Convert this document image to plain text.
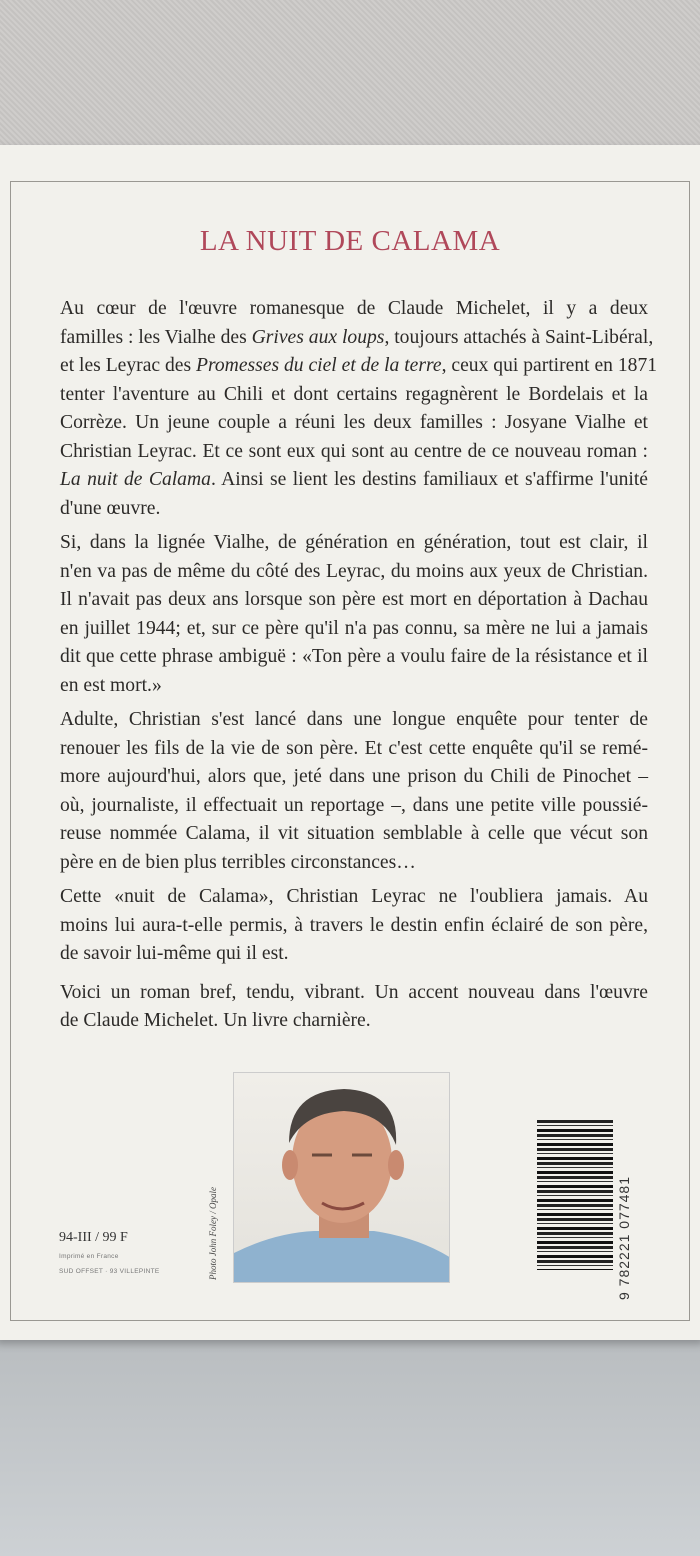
LA NUIT DE CALAMA
Au cœur de l'œuvre romanesque de Claude Michelet, il y a deux
familles : les Vialhe des Grives aux loups, toujours attachés à Saint-Libéral,
et les Leyrac des Promesses du ciel et de la terre, ceux qui partirent en 1871
tenter l'aventure au Chili et dont certains regagnèrent le Bordelais et la
Corrèze. Un jeune couple a réuni les deux familles : Josyane Vialhe et
Christian Leyrac. Et ce sont eux qui sont au centre de ce nouveau roman :
La nuit de Calama. Ainsi se lient les destins familiaux et s'affirme l'unité
d'une œuvre.
Si, dans la lignée Vialhe, de génération en génération, tout est clair, il
n'en va pas de même du côté des Leyrac, du moins aux yeux de Christian.
Il n'avait pas deux ans lorsque son père est mort en déportation à Dachau
en juillet 1944; et, sur ce père qu'il n'a pas connu, sa mère ne lui a jamais
dit que cette phrase ambiguë : «Ton père a voulu faire de la résistance et il
en est mort.»
Adulte, Christian s'est lancé dans une longue enquête pour tenter de
renouer les fils de la vie de son père. Et c'est cette enquête qu'il se remé-
more aujourd'hui, alors que, jeté dans une prison du Chili de Pinochet –
où, journaliste, il effectuait un reportage –, dans une petite ville poussié-
reuse nommée Calama, il vit situation semblable à celle que vécut son
père en de bien plus terribles circonstances…
Cette «nuit de Calama», Christian Leyrac ne l'oubliera jamais. Au
moins lui aura-t-elle permis, à travers le destin enfin éclairé de son père,
de savoir lui-même qui il est.
Voici un roman bref, tendu, vibrant. Un accent nouveau dans l'œuvre
de Claude Michelet. Un livre charnière.
94-III / 99 F
Imprimé en France
SUD OFFSET · 93 VILLEPINTE	Photo John Foley / Opale	9 782221 077481
